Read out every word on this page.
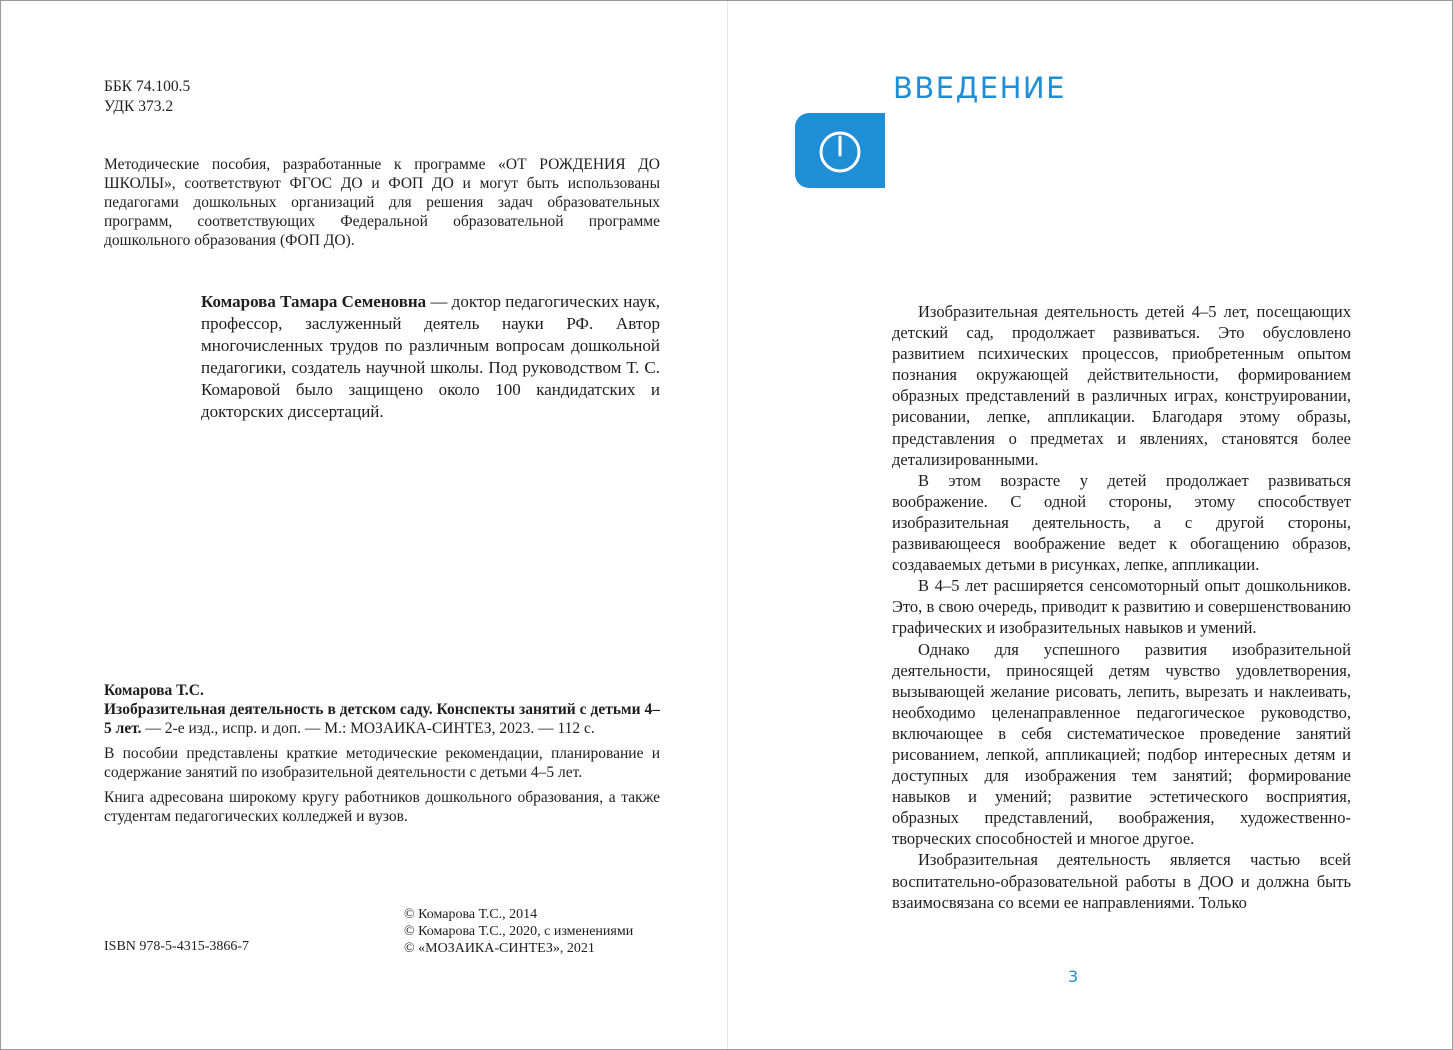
ББК 74.100.5
УДК 373.2
Методические пособия, разработанные к программе «ОТ РОЖДЕНИЯ ДО ШКОЛЫ», соответствуют ФГОС ДО и ФОП ДО и могут быть использованы педагогами дошкольных организаций для решения задач образовательных программ, соответствующих Федеральной образовательной программе дошкольного образования (ФОП ДО).
Комарова Тамара Семеновна — доктор педагогических наук, профессор, заслуженный деятель науки РФ. Автор многочисленных трудов по различным вопросам дошкольной педагогики, создатель научной школы. Под руководством Т. С. Комаровой было защищено около 100 кандидатских и докторских диссертаций.

Комарова Т.С.

Изобразительная деятельность в детском саду. Конспекты занятий с детьми 4–5 лет. — 2-е изд., испр. и доп. — М.: МОЗАИКА-СИНТЕЗ, 2023. — 112 с.

В пособии представлены краткие методические рекомендации, планирование и содержание занятий по изобразительной деятельности с детьми 4–5 лет.

Книга адресована широкому кругу работников дошкольного образования, а также студентам педагогических колледжей и вузов.

ISBN 978-5-4315-3866-7
© Комарова Т.С., 2014
© Комарова Т.С., 2020, с изменениями
© «МОЗАИКА-СИНТЕЗ», 2021
ВВЕДЕНИЕ

Изобразительная деятельность детей 4–5 лет, посещающих детский сад, продолжает развиваться. Это обусловлено развитием психических процессов, приобретенным опытом познания окружающей действительности, формированием образных представлений в различных играх, конструировании, рисовании, лепке, аппликации. Благодаря этому образы, представления о предметах и явлениях, становятся более детализированными.

В этом возрасте у детей продолжает развиваться воображение. С одной стороны, этому способствует изобразительная деятельность, а с другой стороны, развивающееся воображение ведет к обогащению образов, создаваемых детьми в рисунках, лепке, аппликации.

В 4–5 лет расширяется сенсомоторный опыт дошкольников. Это, в свою очередь, приводит к развитию и совершенствованию графических и изобразительных навыков и умений.

Однако для успешного развития изобразительной деятельности, приносящей детям чувство удовлетворения, вызывающей желание рисовать, лепить, вырезать и наклеивать, необходимо целенаправленное педагогическое руководство, включающее в себя систематическое проведение занятий рисованием, лепкой, аппликацией; подбор интересных детям и доступных для изображения тем занятий; формирование навыков и умений; развитие эстетического восприятия, образных представлений, воображения, художественно-творческих способностей и многое другое.

Изобразительная деятельность является частью всей воспитательно-образовательной работы в ДОО и должна быть взаимосвязана со всеми ее направлениями. Только

3
